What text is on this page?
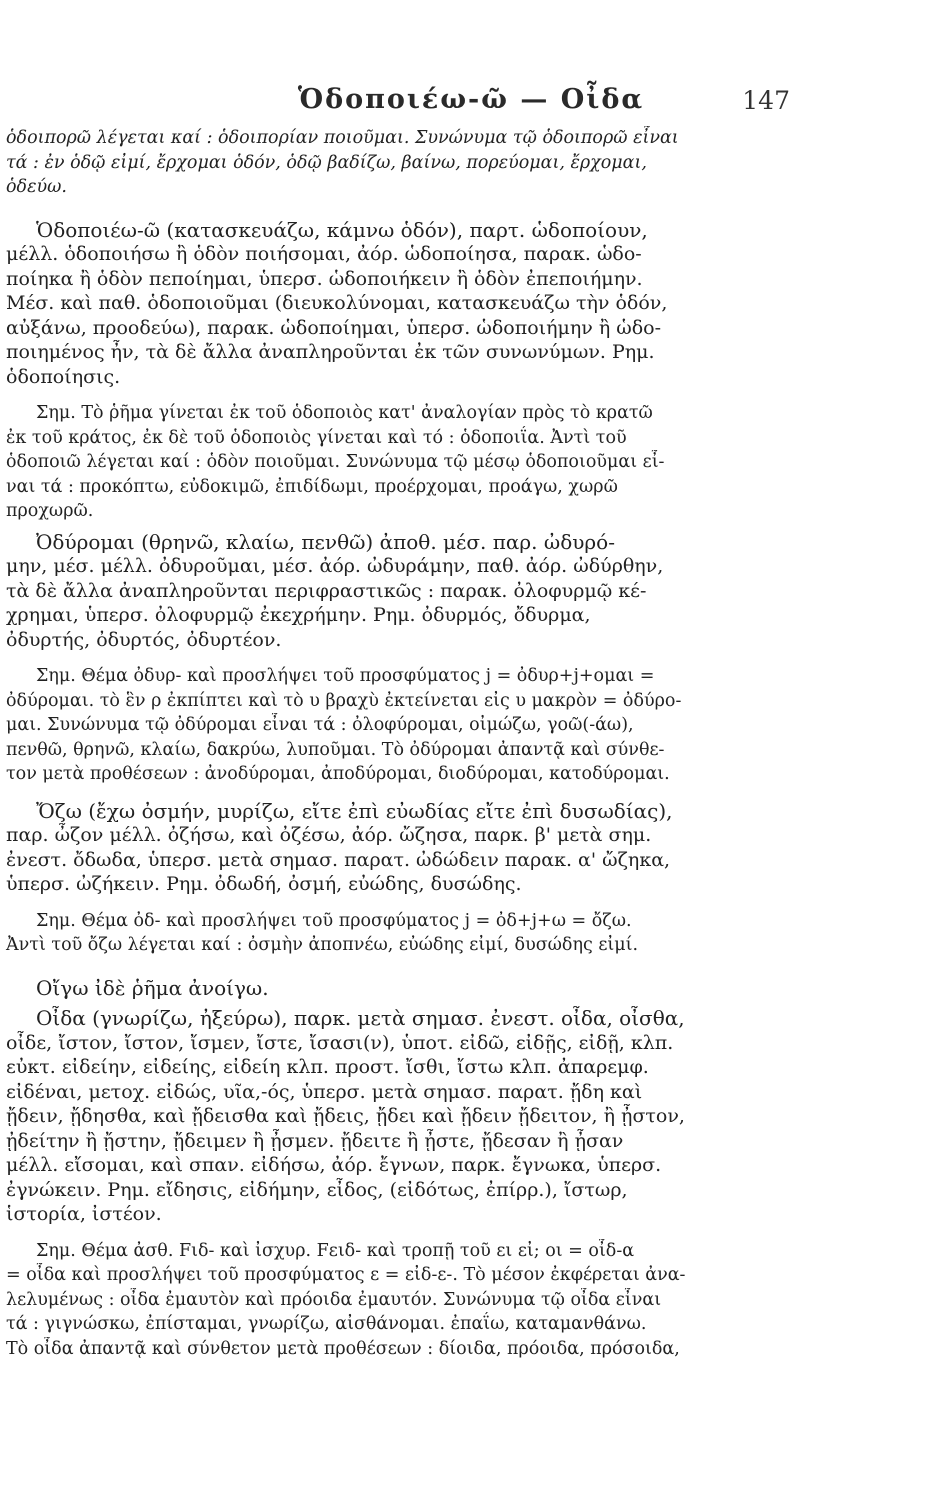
Ὁδοποιέω-ῶ — Οἶδα	147
ὁδοιπορῶ λέγεται καί : ὁδοιπορίαν ποιοῦμαι. Συνώνυμα τῷ ὁδοιπορῶ εἶναι
τά : ἐν ὁδῷ εἰμί, ἔρχομαι ὁδόν, ὁδῷ βαδίζω, βαίνω, πορεύομαι, ἔρχομαι,
ὁδεύω.
Ὁδοποιέω-ῶ (κατασκευάζω, κάμνω ὁδόν), παρτ. ὡδοποίουν,
μέλλ. ὁδοποιήσω ἢ ὁδὸν ποιήσομαι, ἀόρ. ὡδοποίησα, παρακ. ὡδο-
ποίηκα ἢ ὁδὸν πεποίημαι, ὑπερσ. ὡδοποιήκειν ἢ ὁδὸν ἐπεποιήμην.
Μέσ. καὶ παθ. ὁδοποιοῦμαι (διευκολύνομαι, κατασκευάζω τὴν ὁδόν,
αὐξάνω, προοδεύω), παρακ. ὡδοποίημαι, ὑπερσ. ὡδοποιήμην ἢ ὡδο-
ποιημένος ἦν, τὰ δὲ ἄλλα ἀναπληροῦνται ἐκ τῶν συνωνύμων. Ρημ.
ὁδοποίησις.
Σημ. Τὸ ῥῆμα γίνεται ἐκ τοῦ ὁδοποιὸς κατ' ἀναλογίαν πρὸς τὸ κρατῶ
ἐκ τοῦ κράτος, ἐκ δὲ τοῦ ὁδοποιὸς γίνεται καὶ τό : ὁδοποιΐα. Ἀντὶ τοῦ
ὁδοποιῶ λέγεται καί : ὁδὸν ποιοῦμαι. Συνώνυμα τῷ μέσῳ ὁδοποιοῦμαι εἶ-
ναι τά : προκόπτω, εὐδοκιμῶ, ἐπιδίδωμι, προέρχομαι, προάγω, χωρῶ
προχωρῶ.
Ὀδύρομαι (θρηνῶ, κλαίω, πενθῶ) ἀποθ. μέσ. παρ. ὠδυρό-
μην, μέσ. μέλλ. ὀδυροῦμαι, μέσ. ἀόρ. ὠδυράμην, παθ. ἀόρ. ὠδύρθην,
τὰ δὲ ἄλλα ἀναπληροῦνται περιφραστικῶς : παρακ. ὀλοφυρμῷ κέ-
χρημαι, ὑπερσ. ὀλοφυρμῷ ἐκεχρήμην. Ρημ. ὀδυρμός, ὄδυρμα,
ὀδυρτής, ὀδυρτός, ὀδυρτέον.
Σημ. Θέμα ὀδυρ- καὶ προσλήψει τοῦ προσφύματος j = ὀδυρ+j+ομαι =
ὀδύρομαι. τὸ ἓν ρ ἐκπίπτει καὶ τὸ υ βραχὺ ἐκτείνεται εἰς υ μακρὸν = ὀδύρο-
μαι. Συνώνυμα τῷ ὀδύρομαι εἶναι τά : ὀλοφύρομαι, οἰμώζω, γοῶ(-άω),
πενθῶ, θρηνῶ, κλαίω, δακρύω, λυποῦμαι. Τὸ ὀδύρομαι ἀπαντᾷ καὶ σύνθε-
τον μετὰ προθέσεων : ἀνοδύρομαι, ἀποδύρομαι, διοδύρομαι, κατοδύρομαι.
Ὄζω (ἔχω ὀσμήν, μυρίζω, εἴτε ἐπὶ εὐωδίας εἴτε ἐπὶ δυσωδίας),
παρ. ὦζον μέλλ. ὀζήσω, καὶ ὀζέσω, ἀόρ. ὤζησα, παρκ. β' μετὰ σημ.
ἐνεστ. ὄδωδα, ὑπερσ. μετὰ σημασ. παρατ. ὠδώδειν παρακ. α' ὤζηκα,
ὑπερσ. ὠζήκειν. Ρημ. ὀδωδή, ὀσμή, εὐώδης, δυσώδης.
Σημ. Θέμα ὀδ- καὶ προσλήψει τοῦ προσφύματος j = ὀδ+j+ω = ὄζω.
Ἀντὶ τοῦ ὄζω λέγεται καί : ὀσμὴν ἀποπνέω, εὐώδης εἰμί, δυσώδης εἰμί.
Οἴγω ἰδὲ ῥῆμα ἀνοίγω.
Οἶδα (γνωρίζω, ἠξεύρω), παρκ. μετὰ σημασ. ἐνεστ. οἶδα, οἶσθα,
οἶδε, ἴστον, ἴστον, ἴσμεν, ἴστε, ἴσασι(ν), ὑποτ. εἰδῶ, εἰδῇς, εἰδῇ, κλπ.
εὐκτ. εἰδείην, εἰδείης, εἰδείη κλπ. προστ. ἴσθι, ἴστω κλπ. ἀπαρεμφ.
εἰδέναι, μετοχ. εἰδώς, υῖα,-ός, ὑπερσ. μετὰ σημασ. παρατ. ᾔδη καὶ
ᾔδειν, ᾔδησθα, καὶ ᾔδεισθα καὶ ᾔδεις, ᾔδει καὶ ᾔδειν ᾔδειτον, ἢ ᾖστον,
ᾐδείτην ἢ ᾔστην, ᾔδειμεν ἢ ᾖσμεν. ᾔδειτε ἢ ᾖστε, ᾔδεσαν ἢ ᾖσαν
μέλλ. εἴσομαι, καὶ σπαν. εἰδήσω, ἀόρ. ἔγνων, παρκ. ἔγνωκα, ὑπερσ.
ἐγνώκειν. Ρημ. εἴδησις, εἰδήμην, εἶδος, (εἰδότως, ἐπίρρ.), ἴστωρ,
ἱστορία, ἰστέον.
Σημ. Θέμα ἀσθ. Fιδ- καὶ ἰσχυρ. Fειδ- καὶ τροπῇ τοῦ ει εἰ; οι = οἶδ-α
= οἶδα καὶ προσλήψει τοῦ προσφύματος ε = εἰδ-ε-. Τὸ μέσον ἐκφέρεται ἀνα-
λελυμένως : οἶδα ἐμαυτὸν καὶ πρόοιδα ἐμαυτόν. Συνώνυμα τῷ οἶδα εἶναι
τά : γιγνώσκω, ἐπίσταμαι, γνωρίζω, αἰσθάνομαι. ἐπαΐω, καταμανθάνω.
Τὸ οἶδα ἀπαντᾷ καὶ σύνθετον μετὰ προθέσεων : δίοιδα, πρόοιδα, πρόσοιδα,
